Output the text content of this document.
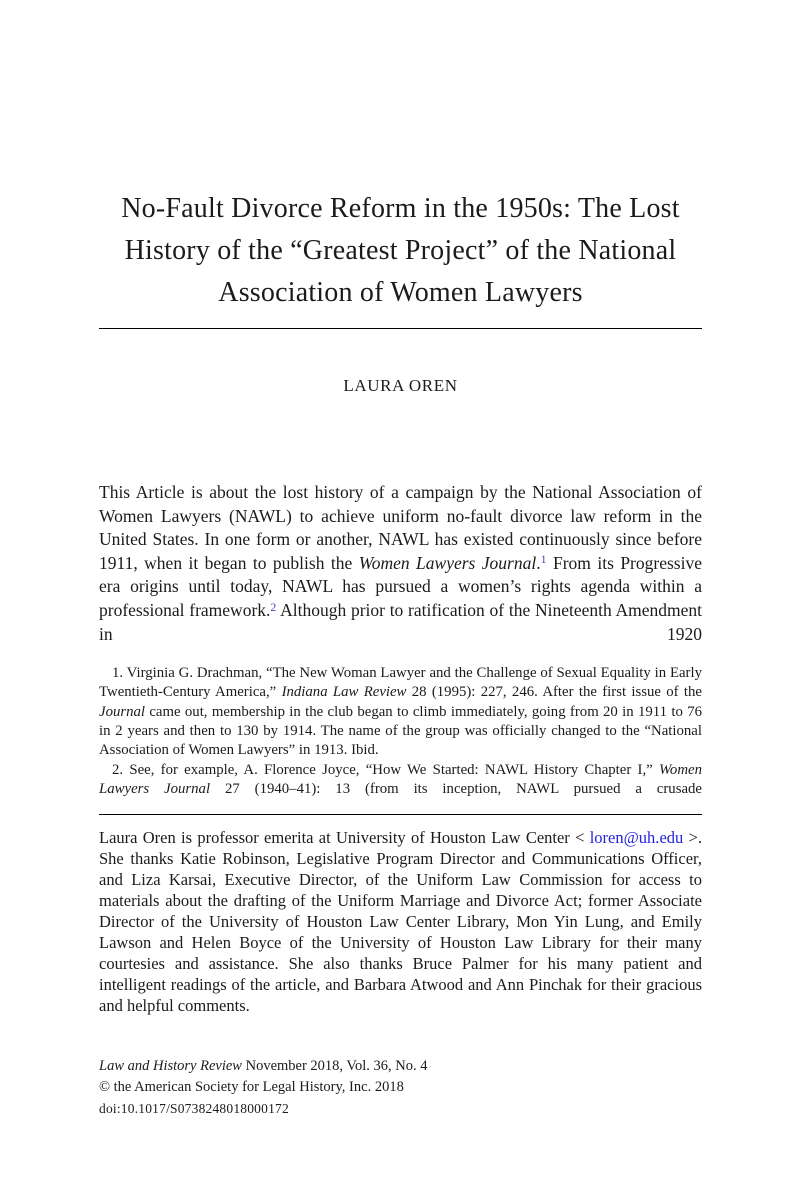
No-Fault Divorce Reform in the 1950s: The Lost History of the “Greatest Project” of the National Association of Women Lawyers
LAURA OREN

This Article is about the lost history of a campaign by the National Association of Women Lawyers (NAWL) to achieve uniform no-fault divorce law reform in the United States. In one form or another, NAWL has existed continuously since before 1911, when it began to publish the Women Lawyers Journal.$^1$ From its Progressive era origins until today, NAWL has pursued a women’s rights agenda within a professional framework.$^2$ Although prior to ratification of the Nineteenth Amendment in 1920

1. Virginia G. Drachman, “The New Woman Lawyer and the Challenge of Sexual Equality in Early Twentieth-Century America,” Indiana Law Review 28 (1995): 227, 246. After the first issue of the Journal came out, membership in the club began to climb immediately, going from 20 in 1911 to 76 in 2 years and then to 130 by 1914. The name of the group was officially changed to the “National Association of Women Lawyers” in 1913. Ibid.

2. See, for example, A. Florence Joyce, “How We Started: NAWL History Chapter I,” Women Lawyers Journal 27 (1940–41): 13 (from its inception, NAWL pursued a crusade

Laura Oren is professor emerita at University of Houston Law Center < loren@uh.edu >. She thanks Katie Robinson, Legislative Program Director and Communications Officer, and Liza Karsai, Executive Director, of the Uniform Law Commission for access to materials about the drafting of the Uniform Marriage and Divorce Act; former Associate Director of the University of Houston Law Center Library, Mon Yin Lung, and Emily Lawson and Helen Boyce of the University of Houston Law Library for their many courtesies and assistance. She also thanks Bruce Palmer for his many patient and intelligent readings of the article, and Barbara Atwood and Ann Pinchak for their gracious and helpful comments.

Law and History Review November 2018, Vol. 36, No. 4

© the American Society for Legal History, Inc. 2018

doi:10.1017/S0738248018000172
